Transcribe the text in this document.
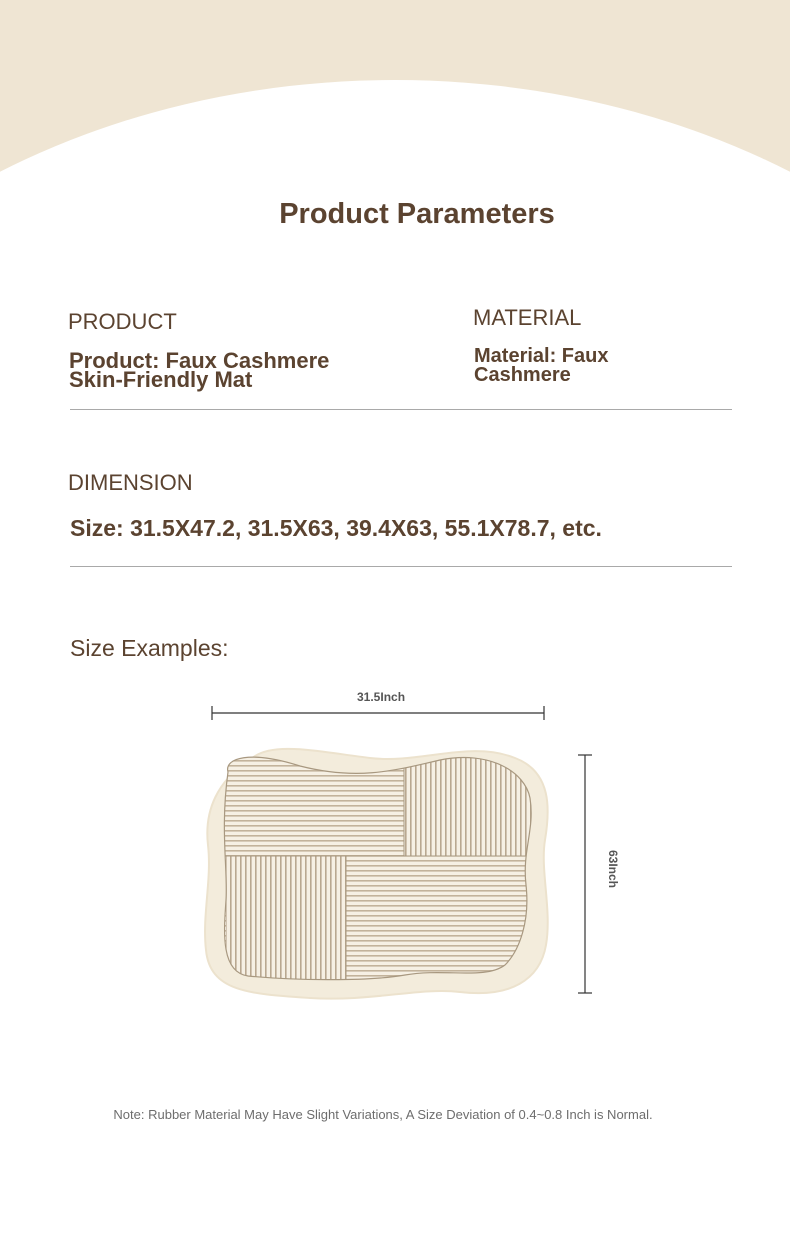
Product Parameters
PRODUCT
Product: Faux Cashmere
Skin-Friendly Mat
MATERIAL
Material: Faux
Cashmere
DIMENSION
Size: 31.5X47.2, 31.5X63, 39.4X63, 55.1X78.7, etc.
Size Examples:
31.5Inch
63Inch
Note: Rubber Material May Have Slight Variations, A Size Deviation of 0.4~0.8 Inch is Normal.
